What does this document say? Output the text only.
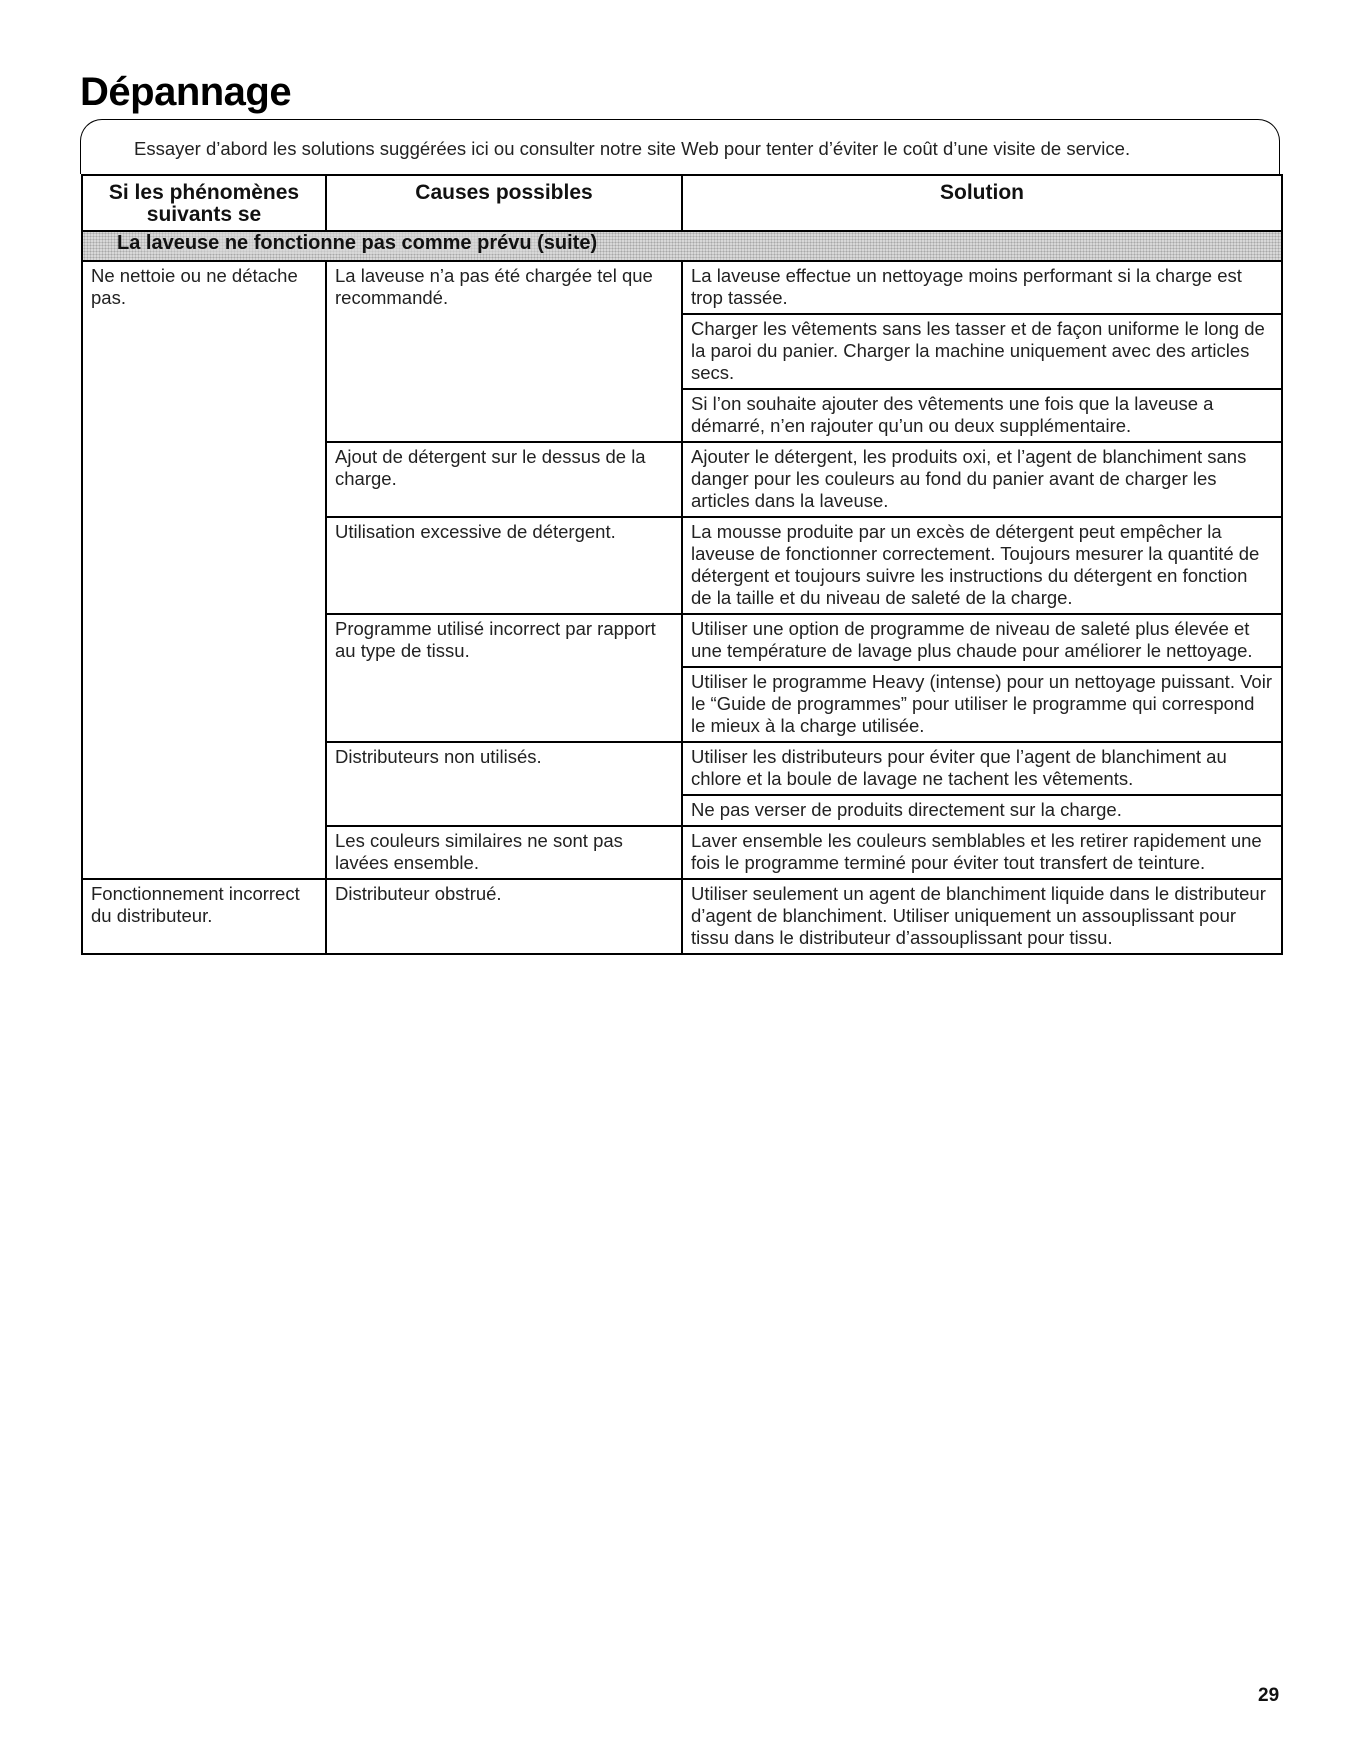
Dépannage
Essayer d’abord les solutions suggérées ici ou consulter notre site Web pour tenter d’éviter le coût d’une visite de service.
Si les phénomènes suivants se	Causes possibles	Solution
La laveuse ne fonctionne pas comme prévu (suite)		
Ne nettoie ou ne détache pas.	La laveuse n’a pas été chargée tel que recommandé.	La laveuse effectue un nettoyage moins performant si la charge est trop tassée.
		Charger les vêtements sans les tasser et de façon uniforme le long de la paroi du panier. Charger la machine uniquement avec des articles secs.
		Si l’on souhaite ajouter des vêtements une fois que la laveuse a démarré, n’en rajouter qu’un ou deux supplémentaire.
	Ajout de détergent sur le dessus de la charge.	Ajouter le détergent, les produits oxi, et l’agent de blanchiment sans danger pour les couleurs au fond du panier avant de charger les articles dans la laveuse.
	Utilisation excessive de détergent.	La mousse produite par un excès de détergent peut empêcher la laveuse de fonctionner correctement. Toujours mesurer la quantité de détergent et toujours suivre les instructions du détergent en fonction de la taille et du niveau de saleté de la charge.
	Programme utilisé incorrect par rapport au type de tissu.	Utiliser une option de programme de niveau de saleté plus élevée et une température de lavage plus chaude pour améliorer le nettoyage.
		Utiliser le programme Heavy (intense) pour un nettoyage puissant. Voir le “Guide de programmes” pour utiliser le programme qui correspond le mieux à la charge utilisée.
	Distributeurs non utilisés.	Utiliser les distributeurs pour éviter que l’agent de blanchiment au chlore et la boule de lavage ne tachent les vêtements.
		Ne pas verser de produits directement sur la charge.
	Les couleurs similaires ne sont pas lavées ensemble.	Laver ensemble les couleurs semblables et les retirer rapidement une fois le programme terminé pour éviter tout transfert de teinture.
Fonctionnement incorrect du distributeur.	Distributeur obstrué.	Utiliser seulement un agent de blanchiment liquide dans le distributeur d’agent de blanchiment. Utiliser uniquement un assouplissant pour tissu dans le distributeur d’assouplissant pour tissu.
29
